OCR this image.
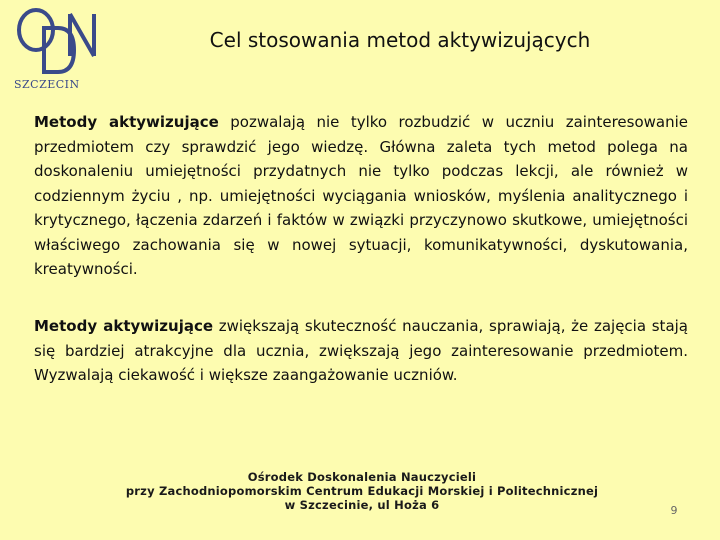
SZCZECIN
Cel stosowania metod aktywizujących

Metody aktywizujące pozwalają nie tylko rozbudzić w uczniu zainteresowanie przedmiotem czy sprawdzić jego wiedzę. Główna zaleta tych metod polega na doskonaleniu umiejętności przydatnych nie tylko podczas lekcji, ale również w codziennym życiu , np. umiejętności wyciągania wniosków, myślenia analitycznego i krytycznego, łączenia zdarzeń i faktów w związki przyczynowo skutkowe, umiejętności właściwego zachowania się w nowej sytuacji, komunikatywności, dyskutowania, kreatywności.

Metody aktywizujące zwiększają skuteczność nauczania, sprawiają, że zajęcia stają się bardziej atrakcyjne dla ucznia, zwiększają jego zainteresowanie przedmiotem. Wyzwalają ciekawość i większe zaangażowanie uczniów.

Ośrodek Doskonalenia Nauczycieli
przy Zachodniopomorskim Centrum Edukacji Morskiej i Politechnicznej
w Szczecinie, ul Hoża 6	9
